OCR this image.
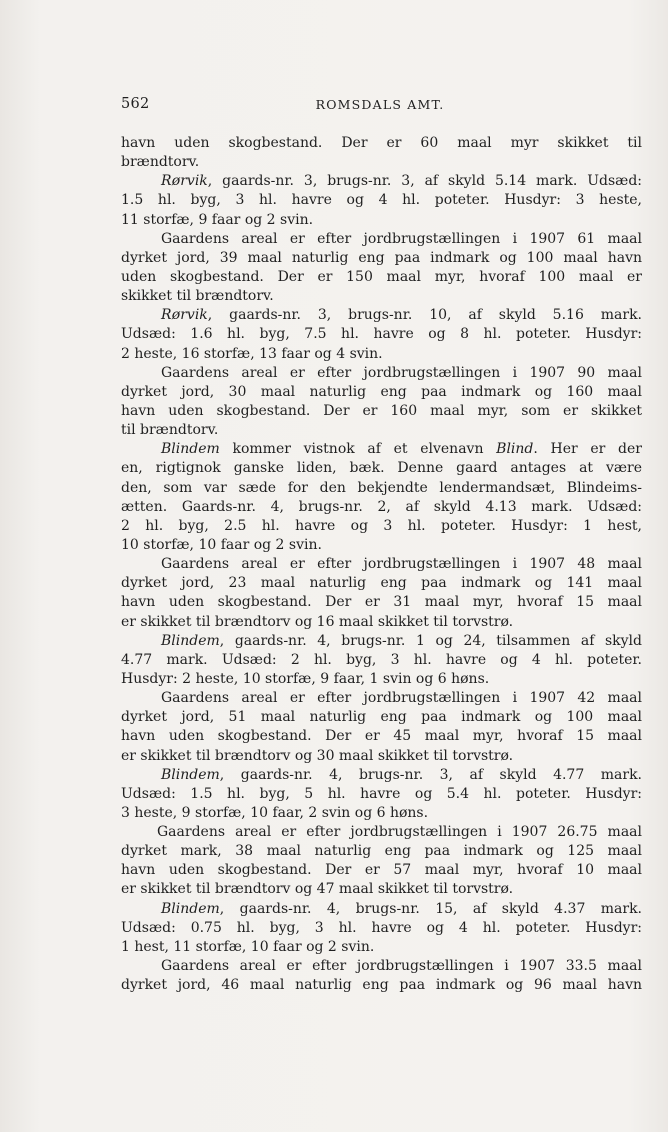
562	ROMSDALS AMT.
havn uden skogbestand. Der er 60 maal myr skikket til
brændtorv.
Rørvik, gaards-nr. 3, brugs-nr. 3, af skyld 5.14 mark. Udsæd:
1.5 hl. byg, 3 hl. havre og 4 hl. poteter. Husdyr: 3 heste,
11 storfæ, 9 faar og 2 svin.
Gaardens areal er efter jordbrugstællingen i 1907 61 maal
dyrket jord, 39 maal naturlig eng paa indmark og 100 maal havn
uden skogbestand. Der er 150 maal myr, hvoraf 100 maal er
skikket til brændtorv.
Rørvik, gaards-nr. 3, brugs-nr. 10, af skyld 5.16 mark.
Udsæd: 1.6 hl. byg, 7.5 hl. havre og 8 hl. poteter. Husdyr:
2 heste, 16 storfæ, 13 faar og 4 svin.
Gaardens areal er efter jordbrugstællingen i 1907 90 maal
dyrket jord, 30 maal naturlig eng paa indmark og 160 maal
havn uden skogbestand. Der er 160 maal myr, som er skikket
til brændtorv.
Blindem kommer vistnok af et elvenavn Blind. Her er der
en, rigtignok ganske liden, bæk. Denne gaard antages at være
den, som var sæde for den bekjendte lendermandsæt, Blindeims-
ætten. Gaards-nr. 4, brugs-nr. 2, af skyld 4.13 mark. Udsæd:
2 hl. byg, 2.5 hl. havre og 3 hl. poteter. Husdyr: 1 hest,
10 storfæ, 10 faar og 2 svin.
Gaardens areal er efter jordbrugstællingen i 1907 48 maal
dyrket jord, 23 maal naturlig eng paa indmark og 141 maal
havn uden skogbestand. Der er 31 maal myr, hvoraf 15 maal
er skikket til brændtorv og 16 maal skikket til torvstrø.
Blindem, gaards-nr. 4, brugs-nr. 1 og 24, tilsammen af skyld
4.77 mark. Udsæd: 2 hl. byg, 3 hl. havre og 4 hl. poteter.
Husdyr: 2 heste, 10 storfæ, 9 faar, 1 svin og 6 høns.
Gaardens areal er efter jordbrugstællingen i 1907 42 maal
dyrket jord, 51 maal naturlig eng paa indmark og 100 maal
havn uden skogbestand. Der er 45 maal myr, hvoraf 15 maal
er skikket til brændtorv og 30 maal skikket til torvstrø.
Blindem, gaards-nr. 4, brugs-nr. 3, af skyld 4.77 mark.
Udsæd: 1.5 hl. byg, 5 hl. havre og 5.4 hl. poteter. Husdyr:
3 heste, 9 storfæ, 10 faar, 2 svin og 6 høns.
Gaardens areal er efter jordbrugstællingen i 1907 26.75 maal
dyrket mark, 38 maal naturlig eng paa indmark og 125 maal
havn uden skogbestand. Der er 57 maal myr, hvoraf 10 maal
er skikket til brændtorv og 47 maal skikket til torvstrø.
Blindem, gaards-nr. 4, brugs-nr. 15, af skyld 4.37 mark.
Udsæd: 0.75 hl. byg, 3 hl. havre og 4 hl. poteter. Husdyr:
1 hest, 11 storfæ, 10 faar og 2 svin.
Gaardens areal er efter jordbrugstællingen i 1907 33.5 maal
dyrket jord, 46 maal naturlig eng paa indmark og 96 maal havn
